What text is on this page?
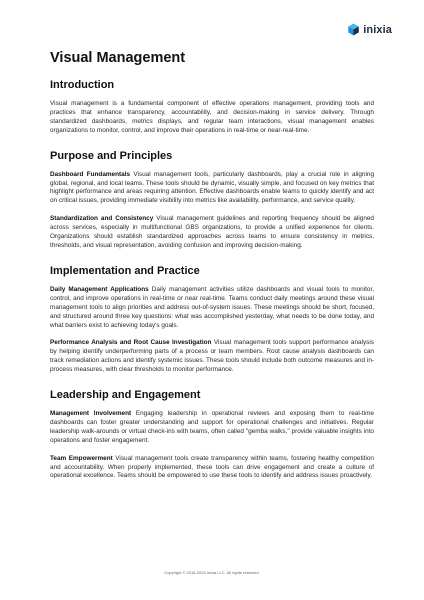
inixia
Visual Management
Introduction

Visual management is a fundamental component of effective operations management, providing tools and practices that enhance transparency, accountability, and decision-making in service delivery. Through standardized dashboards, metrics displays, and regular team interactions, visual management enables organizations to monitor, control, and improve their operations in real-time or near-real-time.

Purpose and Principles

Dashboard Fundamentals Visual management tools, particularly dashboards, play a crucial role in aligning global, regional, and local teams. These tools should be dynamic, visually simple, and focused on key metrics that highlight performance and areas requiring attention. Effective dashboards enable teams to quickly identify and act on critical issues, providing immediate visibility into metrics like availability, performance, and service quality.

Standardization and Consistency Visual management guidelines and reporting frequency should be aligned across services, especially in multifunctional GBS organizations, to provide a unified experience for clients. Organizations should establish standardized approaches across teams to ensure consistency in metrics, thresholds, and visual representation, avoiding confusion and improving decision-making.

Implementation and Practice

Daily Management Applications Daily management activities utilize dashboards and visual tools to monitor, control, and improve operations in real-time or near real-time. Teams conduct daily meetings around these visual management tools to align priorities and address out-of-system issues. These meetings should be short, focused, and structured around three key questions: what was accomplished yesterday, what needs to be done today, and what barriers exist to achieving today's goals.

Performance Analysis and Root Cause Investigation Visual management tools support performance analysis by helping identify underperforming parts of a process or team members. Root cause analysis dashboards can track remediation actions and identify systemic issues. These tools should include both outcome measures and in-process measures, with clear thresholds to monitor performance.

Leadership and Engagement

Management Involvement Engaging leadership in operational reviews and exposing them to real-time dashboards can foster greater understanding and support for operational challenges and initiatives. Regular leadership walk-arounds or virtual check-ins with teams, often called "gemba walks," provide valuable insights into operations and foster engagement.

Team Empowerment Visual management tools create transparency within teams, fostering healthy competition and accountability. When properly implemented, these tools can drive engagement and create a culture of operational excellence. Teams should be empowered to use these tools to identify and address issues proactively.

Copyright © 2016-2025 Inixia LLC. All rights reserved.
